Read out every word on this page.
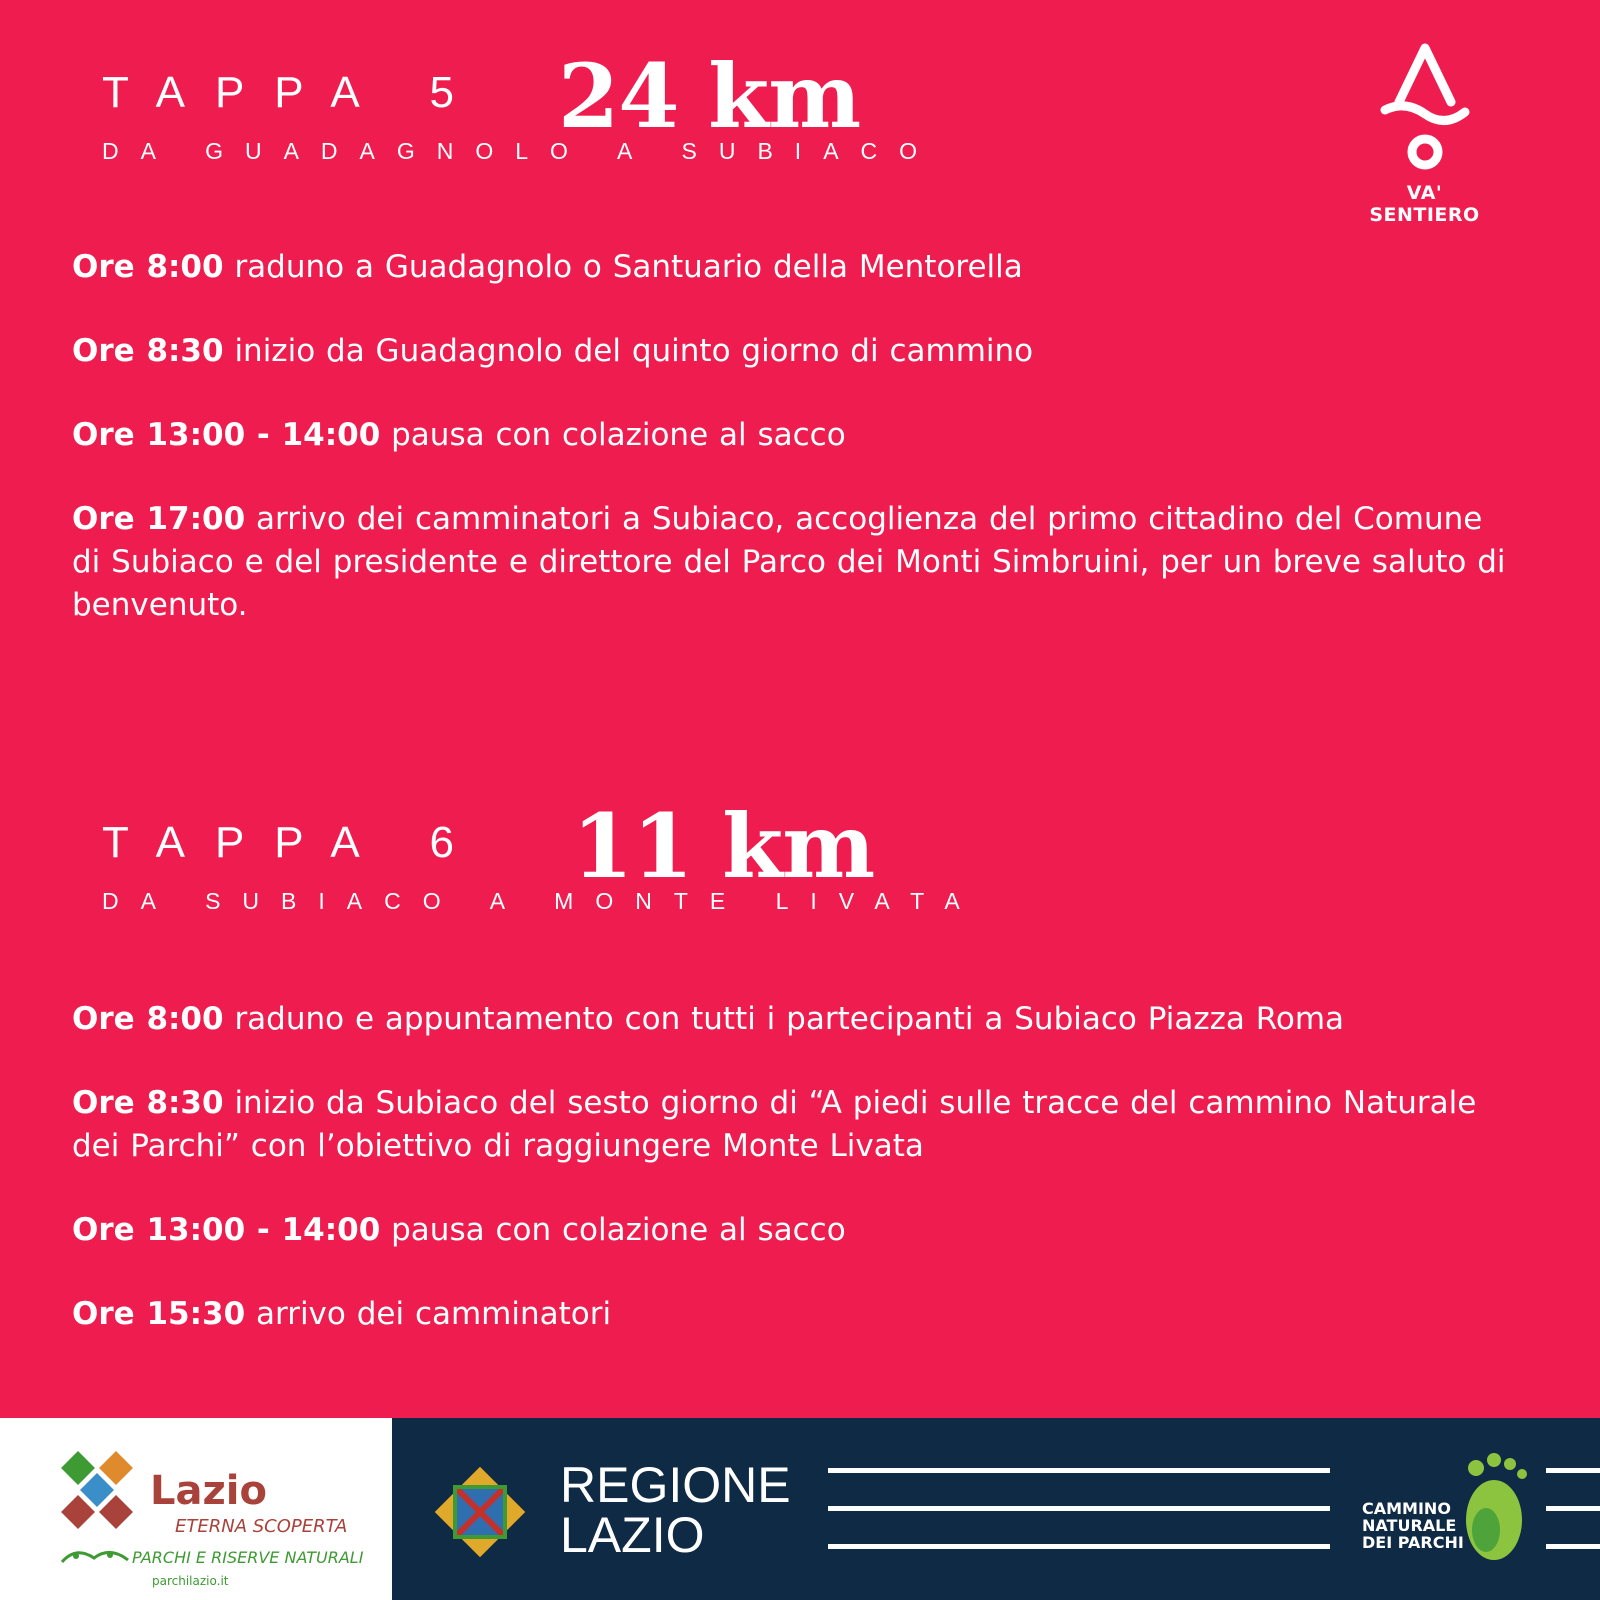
VA' SENTIERO
TAPPA 5 24 km
DA GUADAGNOLO A SUBIACO

Ore 8:00 raduno a Guadagnolo o Santuario della Mentorella

Ore 8:30 inizio da Guadagnolo del quinto giorno di cammino

Ore 13:00 - 14:00 pausa con colazione al sacco

Ore 17:00 arrivo dei camminatori a Subiaco, accoglienza del primo cittadino del Comune di Subiaco e del presidente e direttore del Parco dei Monti Simbruini, per un breve saluto di benvenuto.

TAPPA 6 11 km
DA SUBIACO A MONTE LIVATA

Ore 8:00 raduno e appuntamento con tutti i partecipanti a Subiaco Piazza Roma

Ore 8:30 inizio da Subiaco del sesto giorno di “A piedi sulle tracce del cammino Naturale dei Parchi” con l’obiettivo di raggiungere Monte Livata

Ore 13:00 - 14:00 pausa con colazione al sacco

Ore 15:30 arrivo dei camminatori

Lazio
ETERNA SCOPERTA
PARCHI E RISERVE NATURALI
parchilazio.it
REGIONE
LAZIO	CAMMINO
NATURALE
DEI PARCHI
